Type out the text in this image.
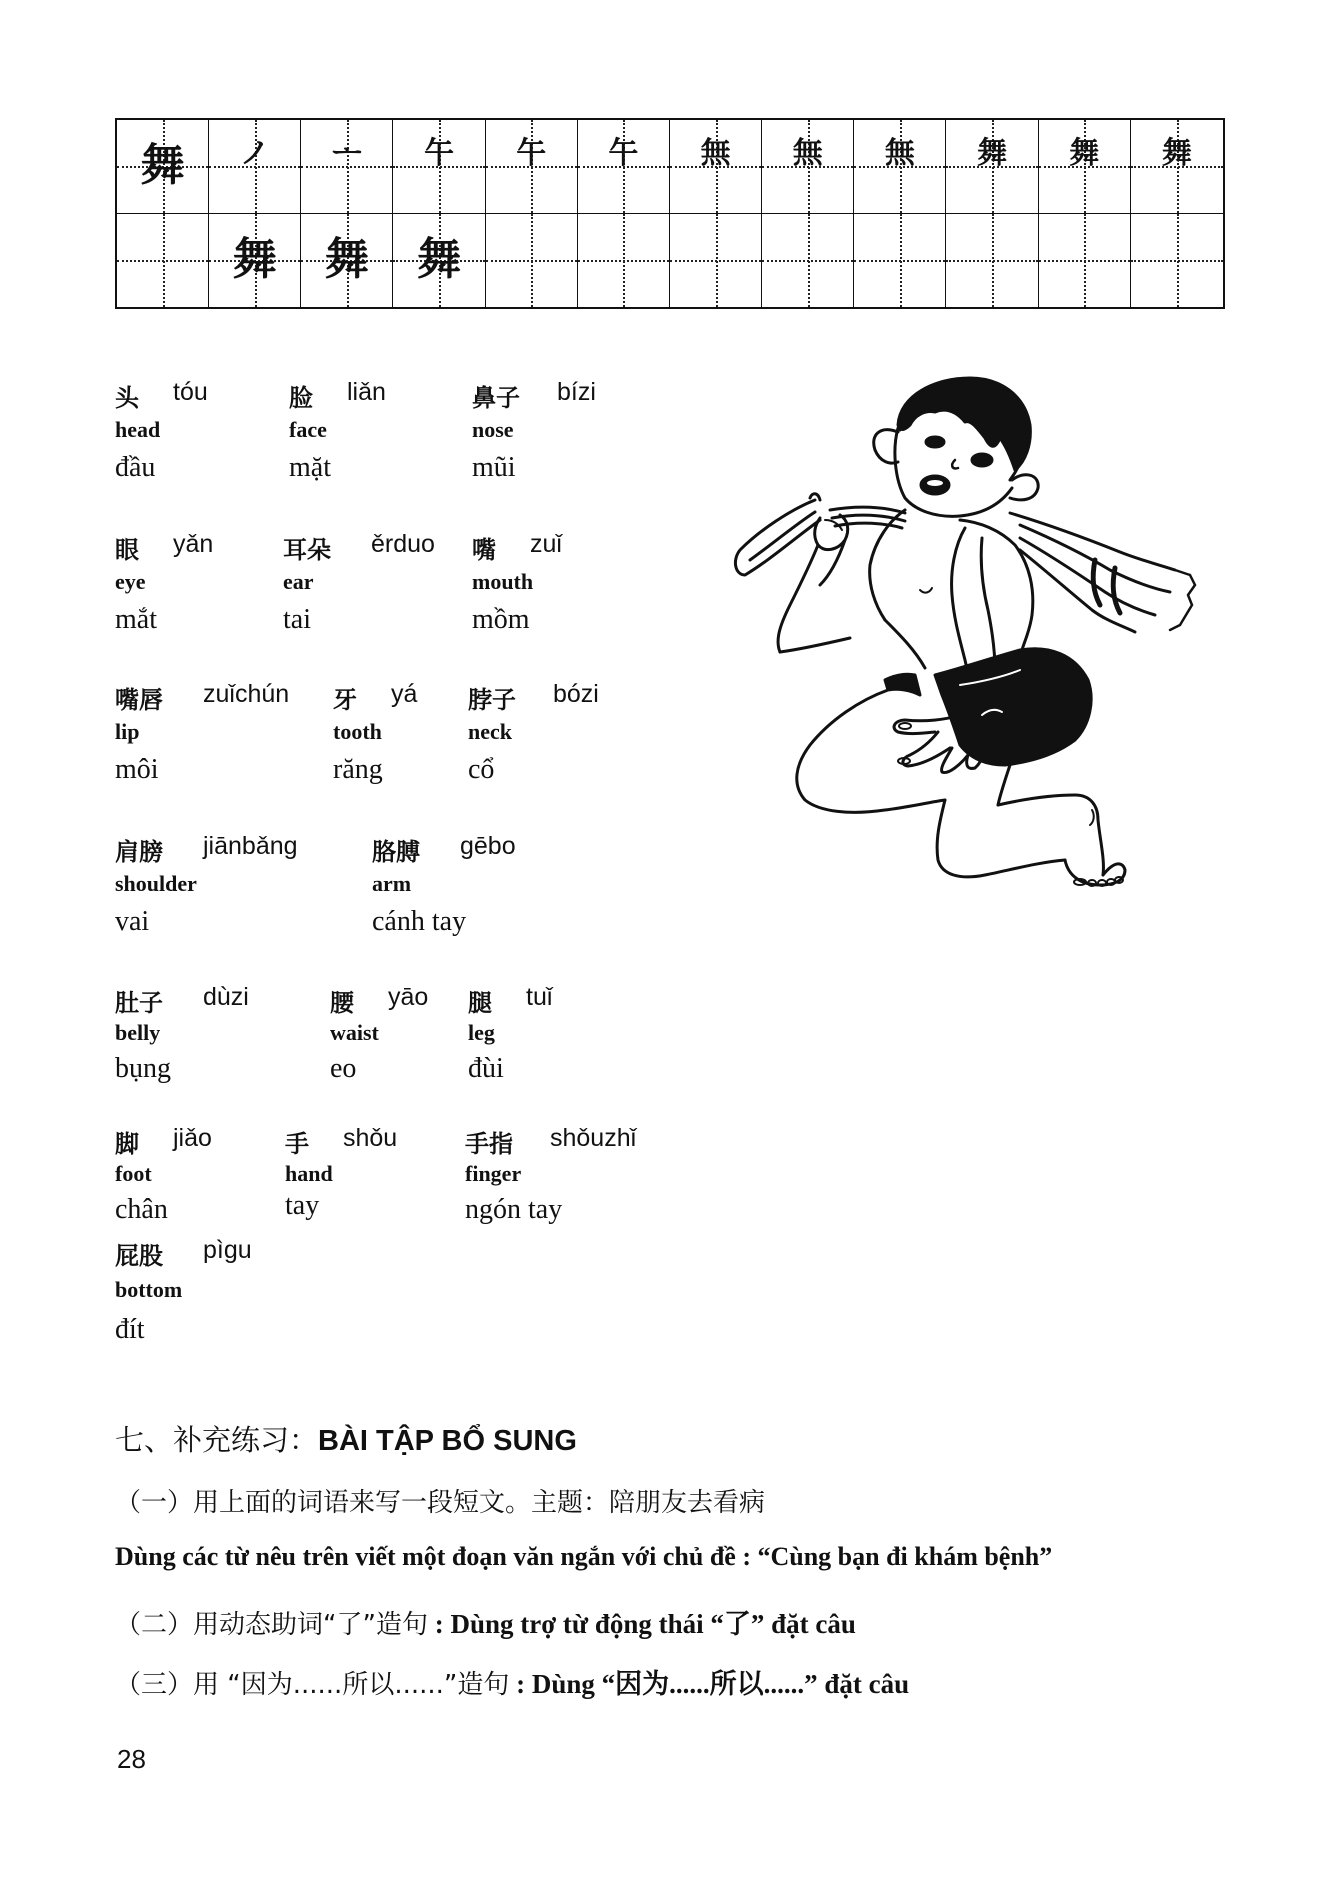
舞 ノ ᅩ 午 午 午 無 無 無 舞 舞 舞
舞 舞 舞
头 tóu
head
đầu
脸 liǎn
face
mặt
鼻子 bízi
nose
mũi
眼 yǎn
eye
mắt
耳朵 ěrduo
ear
tai
嘴 zuǐ
mouth
mồm
嘴唇 zuǐchún
lip
môi
牙 yá
tooth
răng
脖子 bózi
neck
cổ
肩膀 jiānbǎng
shoulder
vai
胳膊 gēbo
arm
cánh tay
肚子 dùzi
belly
bụng
腰 yāo
waist
eo
腿 tuǐ
leg
đùi
脚 jiǎo
foot
chân
手 shǒu
hand
tay
手指 shǒuzhǐ
finger
ngón tay
屁股 pìgu
bottom
đít
七、补充练习：BÀI TẬP BỔ SUNG
（一）用上面的词语来写一段短文。主题：陪朋友去看病
Dùng các từ nêu trên viết một đoạn văn ngắn với chủ đề : “Cùng bạn đi khám bệnh”
（二）用动态助词“了”造句 : Dùng trợ từ động thái “了” đặt câu
（三）用 “因为......所以......”造句 : Dùng “因为......所以......” đặt câu
28
